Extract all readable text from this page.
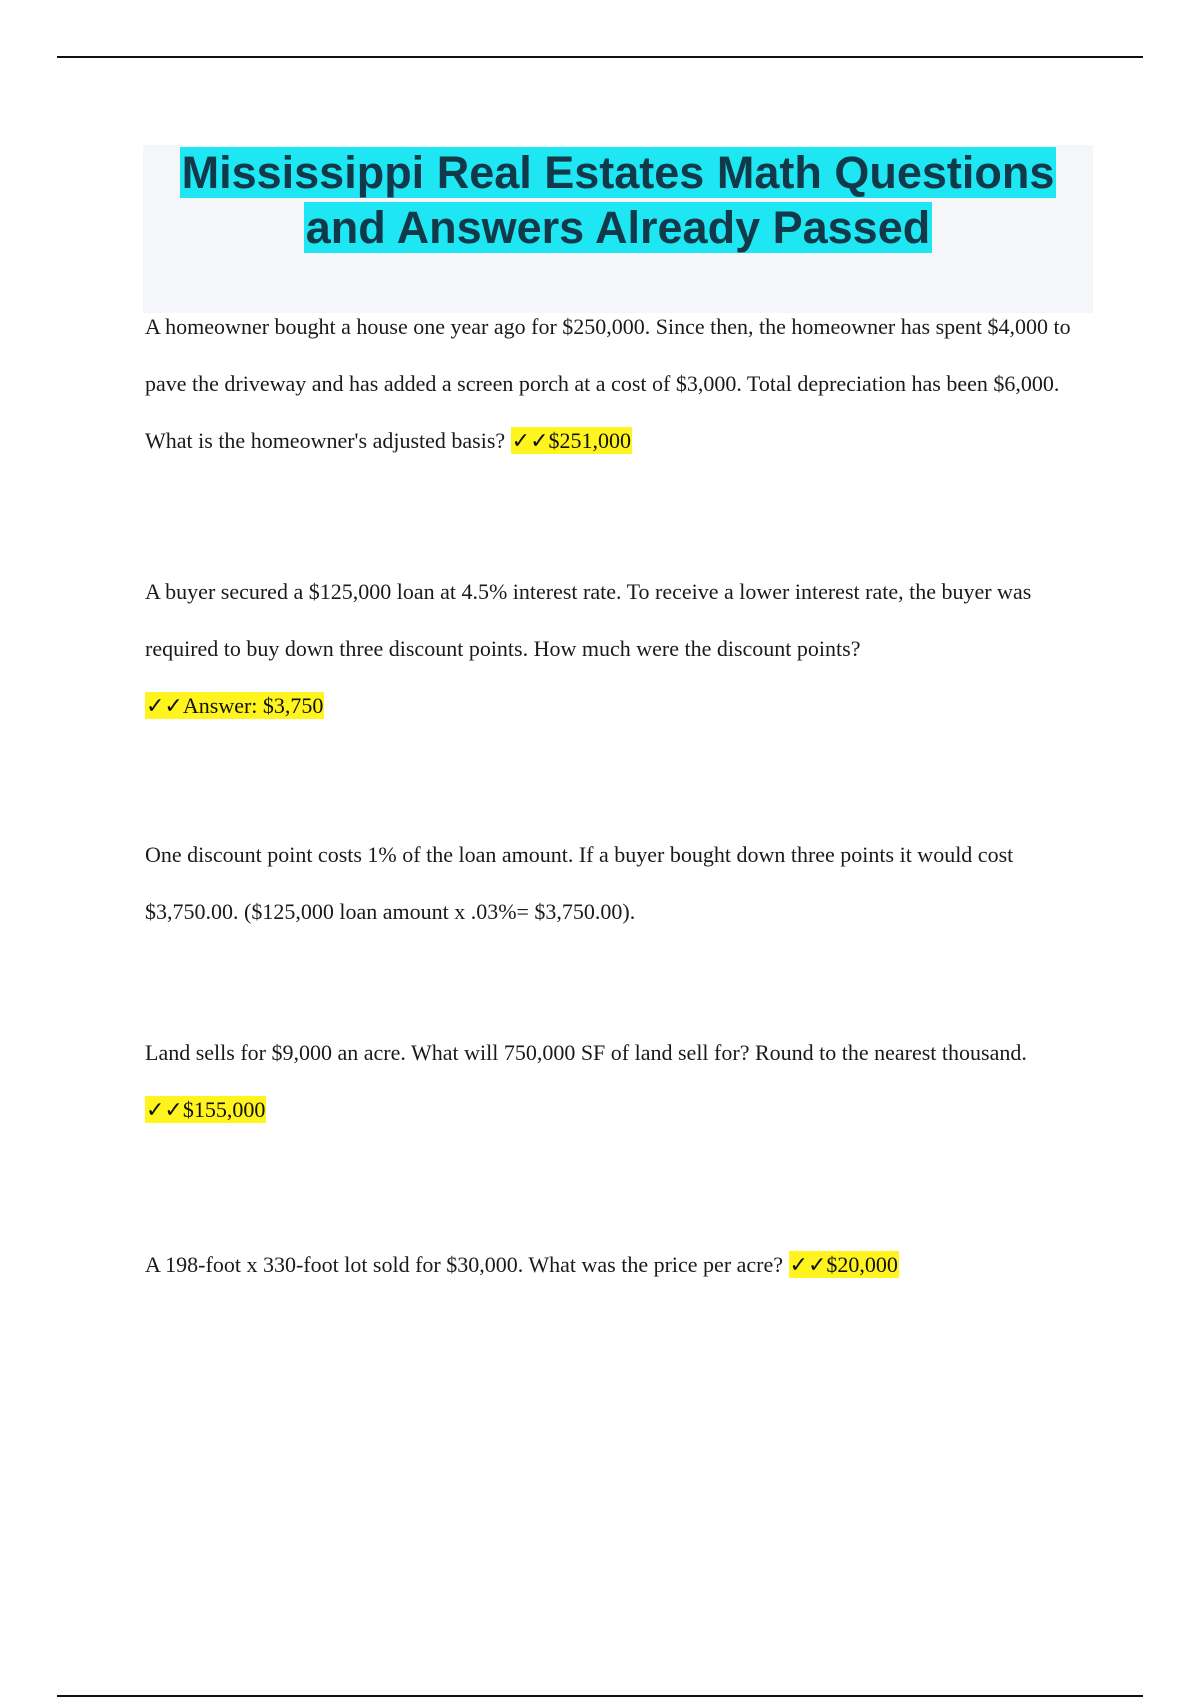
Mississippi Real Estates Math Questions
and Answers Already Passed

A homeowner bought a house one year ago for $250,000. Since then, the homeowner has spent $4,000 to pave the driveway and has added a screen porch at a cost of $3,000. Total depreciation has been $6,000. What is the homeowner's adjusted basis? ✓✓$251,000

A buyer secured a $125,000 loan at 4.5% interest rate. To receive a lower interest rate, the buyer was required to buy down three discount points. How much were the discount points?
✓✓Answer: $3,750

One discount point costs 1% of the loan amount. If a buyer bought down three points it would cost $3,750.00. ($125,000 loan amount x .03%= $3,750.00).

Land sells for $9,000 an acre. What will 750,000 SF of land sell for? Round to the nearest thousand. ✓✓$155,000

A 198-foot x 330-foot lot sold for $30,000. What was the price per acre? ✓✓$20,000
